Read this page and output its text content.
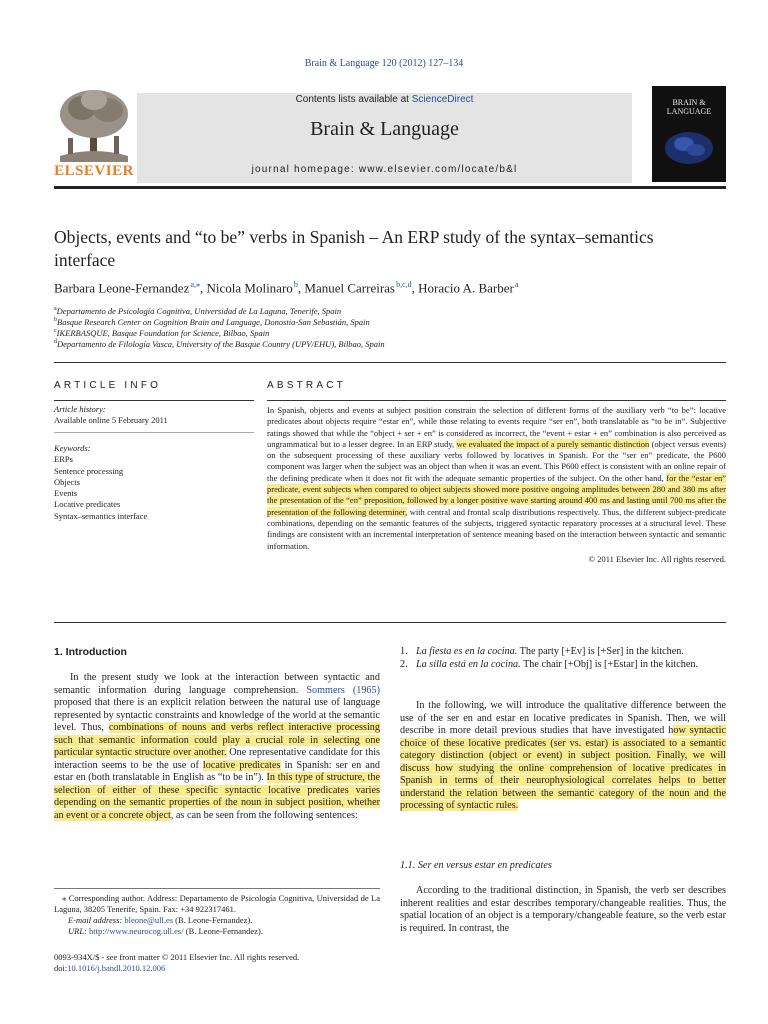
Brain & Language 120 (2012) 127–134
ELSEVIER
Contents lists available at ScienceDirect
Brain & Language
journal homepage: www.elsevier.com/locate/b&l
BRAIN &
LANGUAGE
Objects, events and “to be” verbs in Spanish – An ERP study of the syntax–semantics
interface
Barbara Leone-Fernandez $^{a,⁎}$, Nicola Molinaro $^b$, Manuel Carreiras $^{b,c,d}$, Horacio A. Barber $^a$
$^a$Departamento de Psicología Cognitiva, Universidad de La Laguna, Tenerife, Spain
$^b$Basque Research Center on Cognition Brain and Language, Donostia-San Sebastián, Spain
$^c$IKERBASQUE, Basque Foundation for Science, Bilbao, Spain
$^d$Departamento de Filología Vasca, University of the Basque Country (UPV/EHU), Bilbao, Spain
ARTICLE INFO
Article history:
Available online 5 February 2011
Keywords:
ERPs
Sentence processing
Objects
Events
Locative predicates
Syntax–semantics interface
ABSTRACT
In Spanish, objects and events at subject position constrain the selection of different forms of the auxiliary verb “to be”: locative predicates about objects require “estar en”, while those relating to events require “ser en”, both translatable as “to be in”. Subjective ratings showed that while the “object + ser + en” is considered as incorrect, the “event + estar + en” combination is also perceived as ungrammatical but to a lesser degree. In an ERP study, we evaluated the impact of a purely semantic distinction (object versus events) on the subsequent processing of these auxiliary verbs followed by locatives in Spanish. For the “ser en” predicate, the P600 component was larger when the subject was an object than when it was an event. This P600 effect is consistent with an online repair of the defining predicate when it does not fit with the adequate semantic properties of the subject. On the other hand, for the “estar en” predicate, event subjects when compared to object subjects showed more positive ongoing amplitudes between 280 and 380 ms after the presentation of the “en” preposition, followed by a longer positive wave starting around 400 ms and lasting until 700 ms after the presentation of the following determiner, with central and frontal scalp distributions respectively. Thus, the different subject-predicate combinations, depending on the semantic features of the subjects, triggered syntactic reparatory processes at a structural level. These findings are consistent with an incremental interpretation of sentence meaning based on the interaction between syntactic and semantic information.
© 2011 Elsevier Inc. All rights reserved.
1. Introduction
In the present study we look at the interaction between syntactic and semantic information during language comprehension. Sommers (1965) proposed that there is an explicit relation between the natural use of language represented by syntactic constraints and knowledge of the world at the semantic level. Thus, combinations of nouns and verbs reflect interactive processing such that semantic information could play a crucial role in selecting one particular syntactic structure over another. One representative candidate for this interaction seems to be the use of locative predicates in Spanish: ser en and estar en (both translatable in English as “to be in”). In this type of structure, the selection of either of these specific syntactic locative predicates varies depending on the semantic properties of the noun in subject position, whether an event or a concrete object, as can be seen from the following sentences:
⁎ Corresponding author. Address: Departamento de Psicología Cognitiva, Universidad de La Laguna, 38205 Tenerife, Spain. Fax: +34 922317461.
E-mail address: bleone@ull.es (B. Leone-Fernandez).
URL: http://www.neurocog.ull.es/ (B. Leone-Fernandez).
0093-934X/$ - see front matter © 2011 Elsevier Inc. All rights reserved.
doi:10.1016/j.bandl.2010.12.006
1. La fiesta es en la cocina. The party [+Ev] is [+Ser] in the kitchen.
2. La silla está en la cocina. The chair [+Obj] is [+Estar] in the kitchen.
In the following, we will introduce the qualitative difference between the use of the ser en and estar en locative predicates in Spanish. Then, we will describe in more detail previous studies that have investigated how syntactic choice of these locative predicates (ser vs. estar) is associated to a semantic category distinction (object or event) in subject position. Finally, we will discuss how studying the online comprehension of locative predicates in Spanish in terms of their neurophysiological correlates helps to better understand the relation between the semantic category of the noun and the processing of syntactic rules.
1.1. Ser en versus estar en predicates
According to the traditional distinction, in Spanish, the verb ser describes inherent realities and estar describes temporary/changeable realities. Thus, the spatial location of an object is a temporary/changeable feature, so the verb estar is required. In contrast, the
